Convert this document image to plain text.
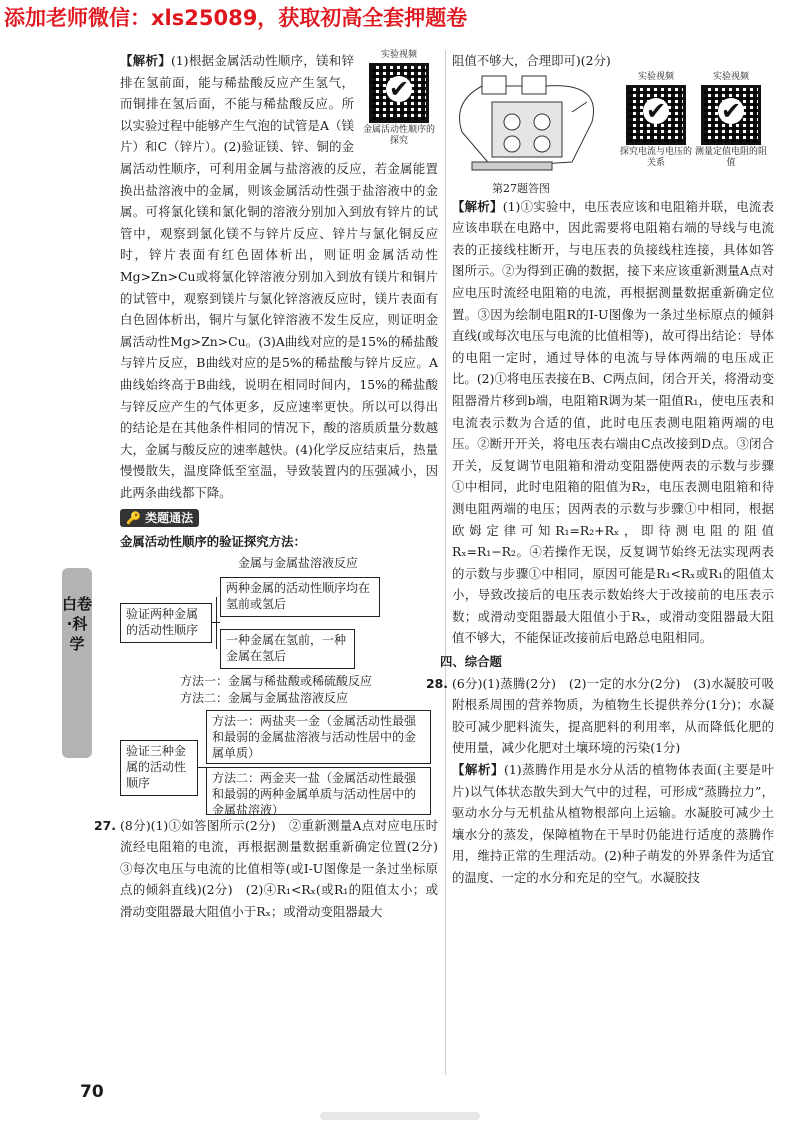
添加老师微信：xls25089，获取初高全套押题卷
实验视频
✔
金属活动性顺序的探究

【解析】(1)根据金属活动性顺序，镁和锌排在氢前面，能与稀盐酸反应产生氢气，而铜排在氢后面，不能与稀盐酸反应。所以实验过程中能够产生气泡的试管是A（镁片）和C（锌片）。(2)验证镁、锌、铜的金属活动性顺序，可利用金属与盐溶液的反应，若金属能置换出盐溶液中的金属，则该金属活动性强于盐溶液中的金属。可将氯化镁和氯化铜的溶液分别加入到放有锌片的试管中，观察到氯化镁不与锌片反应、锌片与氯化铜反应时，锌片表面有红色固体析出，则证明金属活动性Mg>Zn>Cu或将氯化锌溶液分别加入到放有镁片和铜片的试管中，观察到镁片与氯化锌溶液反应时，镁片表面有白色固体析出，铜片与氯化锌溶液不发生反应，则证明金属活动性Mg>Zn>Cu。(3)A曲线对应的是15%的稀盐酸与锌片反应，B曲线对应的是5%的稀盐酸与锌片反应。A曲线始终高于B曲线，说明在相同时间内，15%的稀盐酸与锌反应产生的气体更多，反应速率更快。所以可以得出的结论是在其他条件相同的情况下，酸的溶质质量分数越大，金属与酸反应的速率越快。(4)化学反应结束后，热量慢慢散失，温度降低至室温，导致装置内的压强减小，因此两条曲线都下降。

🔑 类题通法
金属活动性顺序的验证探究方法：
金属与金属盐溶液反应
两种金属的活动性顺序均在氢前或氢后
验证两种金属的活动性顺序
一种金属在氢前，一种金属在氢后
方法一：金属与稀盐酸或稀硫酸反应
方法二：金属与金属盐溶液反应
验证三种金属的活动性顺序
方法一：两盐夹一金（金属活动性最强和最弱的金属盐溶液与活动性居中的金属单质）
方法二：两金夹一盐（金属活动性最强和最弱的两种金属单质与活动性居中的金属盐溶液）

27. (8分)(1)①如答图所示(2分)　②重新测量A点对应电压时流经电阻箱的电流，再根据测量数据重新确定位置(2分)　③每次电压与电流的比值相等(或I-U图像是一条过坐标原点的倾斜直线)(2分)　(2)④R₁<Rₓ(或R₁的阻值太小；或滑动变阻器最大阻值小于Rₓ；或滑动变阻器最大

白卷·科学

阻值不够大，合理即可)(2分)

第27题答图
实验视频
✔
探究电流与电压的关系
实验视频
✔
测量定值电阻的阻值

【解析】(1)①实验中，电压表应该和电阻箱并联，电流表应该串联在电路中，因此需要将电阻箱右端的导线与电流表的正接线柱断开，与电压表的负接线柱连接，具体如答图所示。②为得到正确的数据，接下来应该重新测量A点对应电压时流经电阻箱的电流，再根据测量数据重新确定位置。③因为绘制电阻R的I-U图像为一条过坐标原点的倾斜直线(或每次电压与电流的比值相等)，故可得出结论：导体的电阻一定时，通过导体的电流与导体两端的电压成正比。(2)①将电压表接在B、C两点间，闭合开关，将滑动变阻器滑片移到b端，电阻箱R调为某一阻值R₁，使电压表和电流表示数为合适的值，此时电压表测电阻箱两端的电压。②断开开关，将电压表右端由C点改接到D点。③闭合开关，反复调节电阻箱和滑动变阻器使两表的示数与步骤①中相同，此时电阻箱的阻值为R₂，电压表测电阻箱和待测电阻两端的电压；因两表的示数与步骤①中相同，根据欧姆定律可知R₁=R₂+Rₓ，即待测电阻的阻值Rₓ=R₁−R₂。④若操作无误，反复调节始终无法实现两表的示数与步骤①中相同，原因可能是R₁<Rₓ或R₁的阻值太小，导致改接后的电压表示数始终大于改接前的电压表示数；或滑动变阻器最大阻值小于Rₓ，或滑动变阻器最大阻值不够大，不能保证改接前后电路总电阻相同。

四、综合题

28. (6分)(1)蒸腾(2分)　(2)一定的水分(2分)　(3)水凝胶可吸附根系周围的营养物质，为植物生长提供养分(1分)；水凝胶可减少肥料流失，提高肥料的利用率，从而降低化肥的使用量，减少化肥对土壤环境的污染(1分)

【解析】(1)蒸腾作用是水分从活的植物体表面(主要是叶片)以气体状态散失到大气中的过程，可形成“蒸腾拉力”，驱动水分与无机盐从植物根部向上运输。水凝胶可减少土壤水分的蒸发，保障植物在干旱时仍能进行适度的蒸腾作用，维持正常的生理活动。(2)种子萌发的外界条件为适宜的温度、一定的水分和充足的空气。水凝胶技

70
